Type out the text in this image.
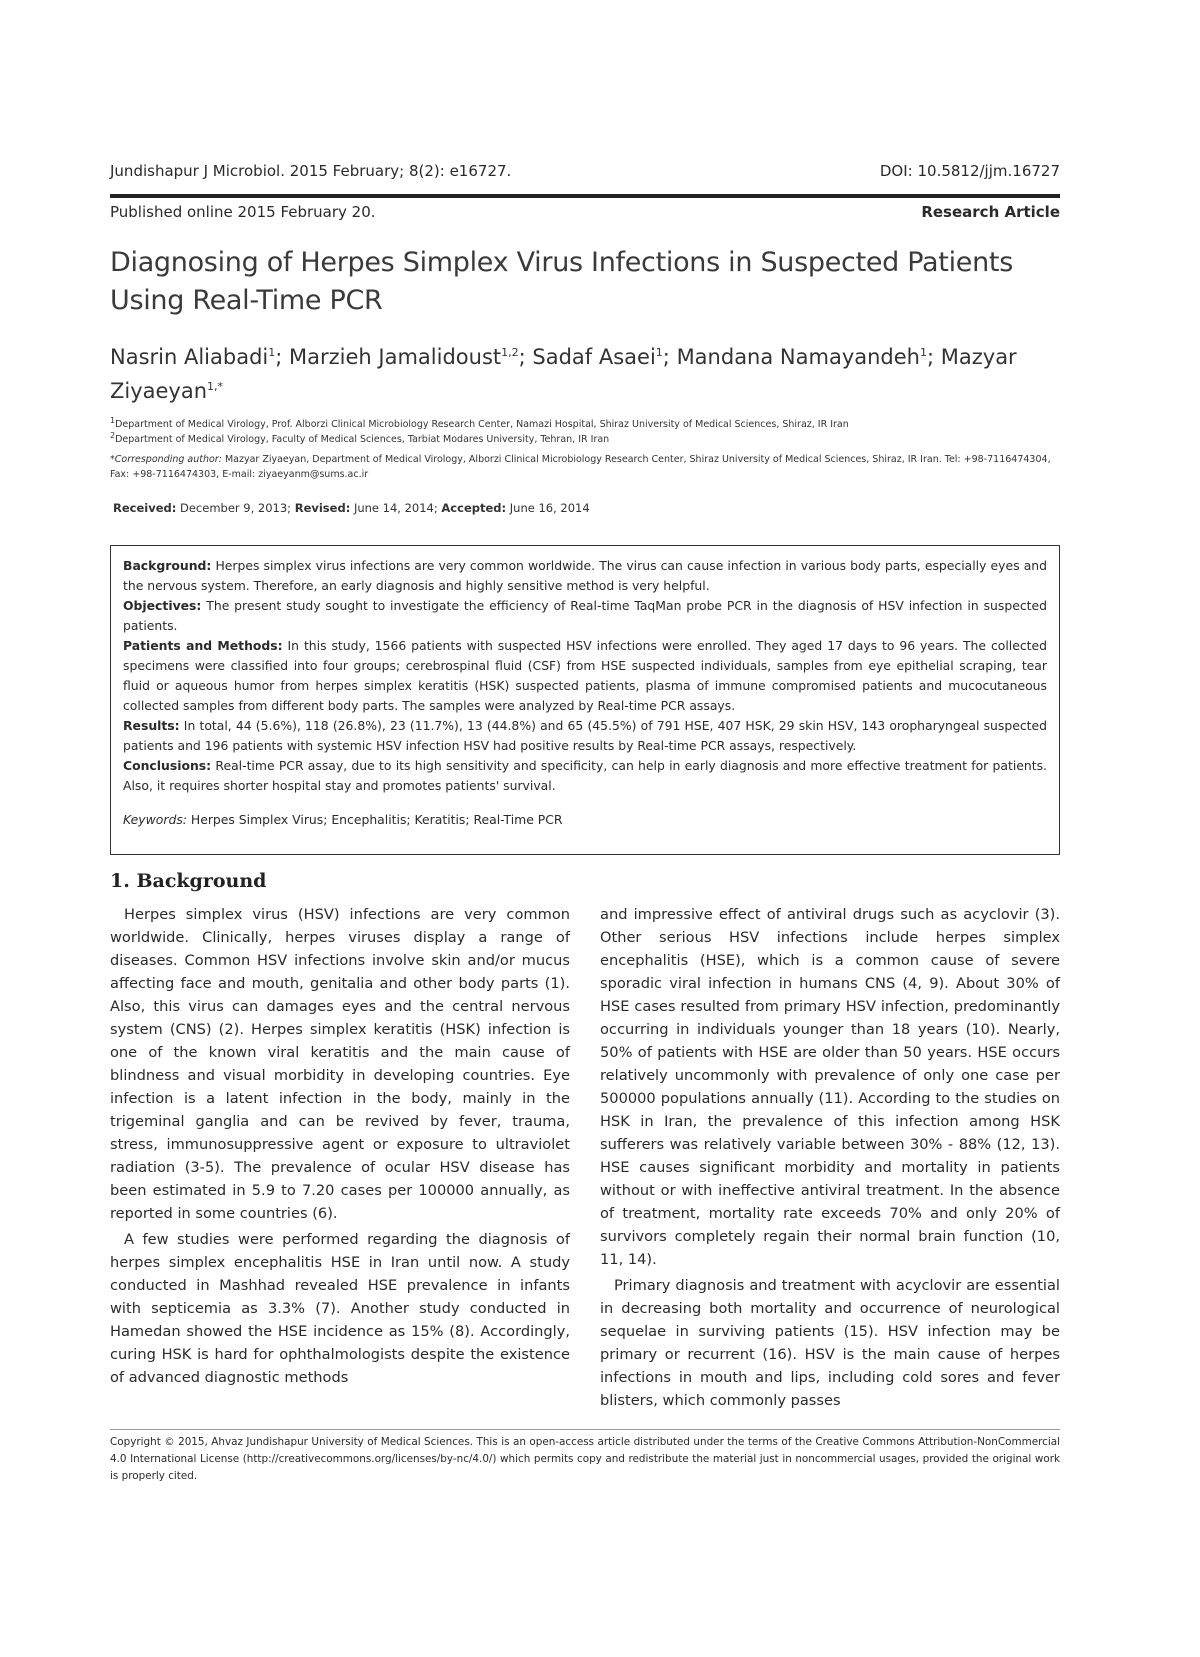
Jundishapur J Microbiol. 2015 February; 8(2): e16727.	DOI: 10.5812/jjm.16727
Published online 2015 February 20.	Research Article
Diagnosing of Herpes Simplex Virus Infections in Suspected Patients Using Real-Time PCR
Nasrin Aliabadi$^1$; Marzieh Jamalidoust$^{1,2}$; Sadaf Asaei$^1$; Mandana Namayandeh$^1$; Mazyar Ziyaeyan$^{1,*}$
$^1$Department of Medical Virology, Prof. Alborzi Clinical Microbiology Research Center, Namazi Hospital, Shiraz University of Medical Sciences, Shiraz, IR Iran
$^2$Department of Medical Virology, Faculty of Medical Sciences, Tarbiat Modares University, Tehran, IR Iran
*Corresponding author: Mazyar Ziyaeyan, Department of Medical Virology, Alborzi Clinical Microbiology Research Center, Shiraz University of Medical Sciences, Shiraz, IR Iran. Tel: +98-7116474304, Fax: +98-7116474303, E-mail: ziyaeyanm@sums.ac.ir
Received: December 9, 2013; Revised: June 14, 2014; Accepted: June 16, 2014

Background: Herpes simplex virus infections are very common worldwide. The virus can cause infection in various body parts, especially eyes and the nervous system. Therefore, an early diagnosis and highly sensitive method is very helpful.

Objectives: The present study sought to investigate the efficiency of Real-time TaqMan probe PCR in the diagnosis of HSV infection in suspected patients.

Patients and Methods: In this study, 1566 patients with suspected HSV infections were enrolled. They aged 17 days to 96 years. The collected specimens were classified into four groups; cerebrospinal fluid (CSF) from HSE suspected individuals, samples from eye epithelial scraping, tear fluid or aqueous humor from herpes simplex keratitis (HSK) suspected patients, plasma of immune compromised patients and mucocutaneous collected samples from different body parts. The samples were analyzed by Real-time PCR assays.

Results: In total, 44 (5.6%), 118 (26.8%), 23 (11.7%), 13 (44.8%) and 65 (45.5%) of 791 HSE, 407 HSK, 29 skin HSV, 143 oropharyngeal suspected patients and 196 patients with systemic HSV infection HSV had positive results by Real-time PCR assays, respectively.

Conclusions: Real-time PCR assay, due to its high sensitivity and specificity, can help in early diagnosis and more effective treatment for patients. Also, it requires shorter hospital stay and promotes patients' survival.

Keywords: Herpes Simplex Virus; Encephalitis; Keratitis; Real-Time PCR
1. Background

Herpes simplex virus (HSV) infections are very common worldwide. Clinically, herpes viruses display a range of diseases. Common HSV infections involve skin and/or mucus affecting face and mouth, genitalia and other body parts (1). Also, this virus can damages eyes and the central nervous system (CNS) (2). Herpes simplex keratitis (HSK) infection is one of the known viral keratitis and the main cause of blindness and visual morbidity in developing countries. Eye infection is a latent infection in the body, mainly in the trigeminal ganglia and can be revived by fever, trauma, stress, immunosuppressive agent or exposure to ultraviolet radiation (3-5). The prevalence of ocular HSV disease has been estimated in 5.9 to 7.20 cases per 100000 annually, as reported in some countries (6).

A few studies were performed regarding the diagnosis of herpes simplex encephalitis HSE in Iran until now. A study conducted in Mashhad revealed HSE prevalence in infants with septicemia as 3.3% (7). Another study conducted in Hamedan showed the HSE incidence as 15% (8). Accordingly, curing HSK is hard for ophthalmologists despite the existence of advanced diagnostic methods

and impressive effect of antiviral drugs such as acyclovir (3). Other serious HSV infections include herpes simplex encephalitis (HSE), which is a common cause of severe sporadic viral infection in humans CNS (4, 9). About 30% of HSE cases resulted from primary HSV infection, predominantly occurring in individuals younger than 18 years (10). Nearly, 50% of patients with HSE are older than 50 years. HSE occurs relatively uncommonly with prevalence of only one case per 500000 populations annually (11). According to the studies on HSK in Iran, the prevalence of this infection among HSK sufferers was relatively variable between 30% - 88% (12, 13). HSE causes significant morbidity and mortality in patients without or with ineffective antiviral treatment. In the absence of treatment, mortality rate exceeds 70% and only 20% of survivors completely regain their normal brain function (10, 11, 14).

Primary diagnosis and treatment with acyclovir are essential in decreasing both mortality and occurrence of neurological sequelae in surviving patients (15). HSV infection may be primary or recurrent (16). HSV is the main cause of herpes infections in mouth and lips, including cold sores and fever blisters, which commonly passes

Copyright © 2015, Ahvaz Jundishapur University of Medical Sciences. This is an open-access article distributed under the terms of the Creative Commons Attribution-NonCommercial 4.0 International License (http://creativecommons.org/licenses/by-nc/4.0/) which permits copy and redistribute the material just in noncommercial usages, provided the original work is properly cited.
